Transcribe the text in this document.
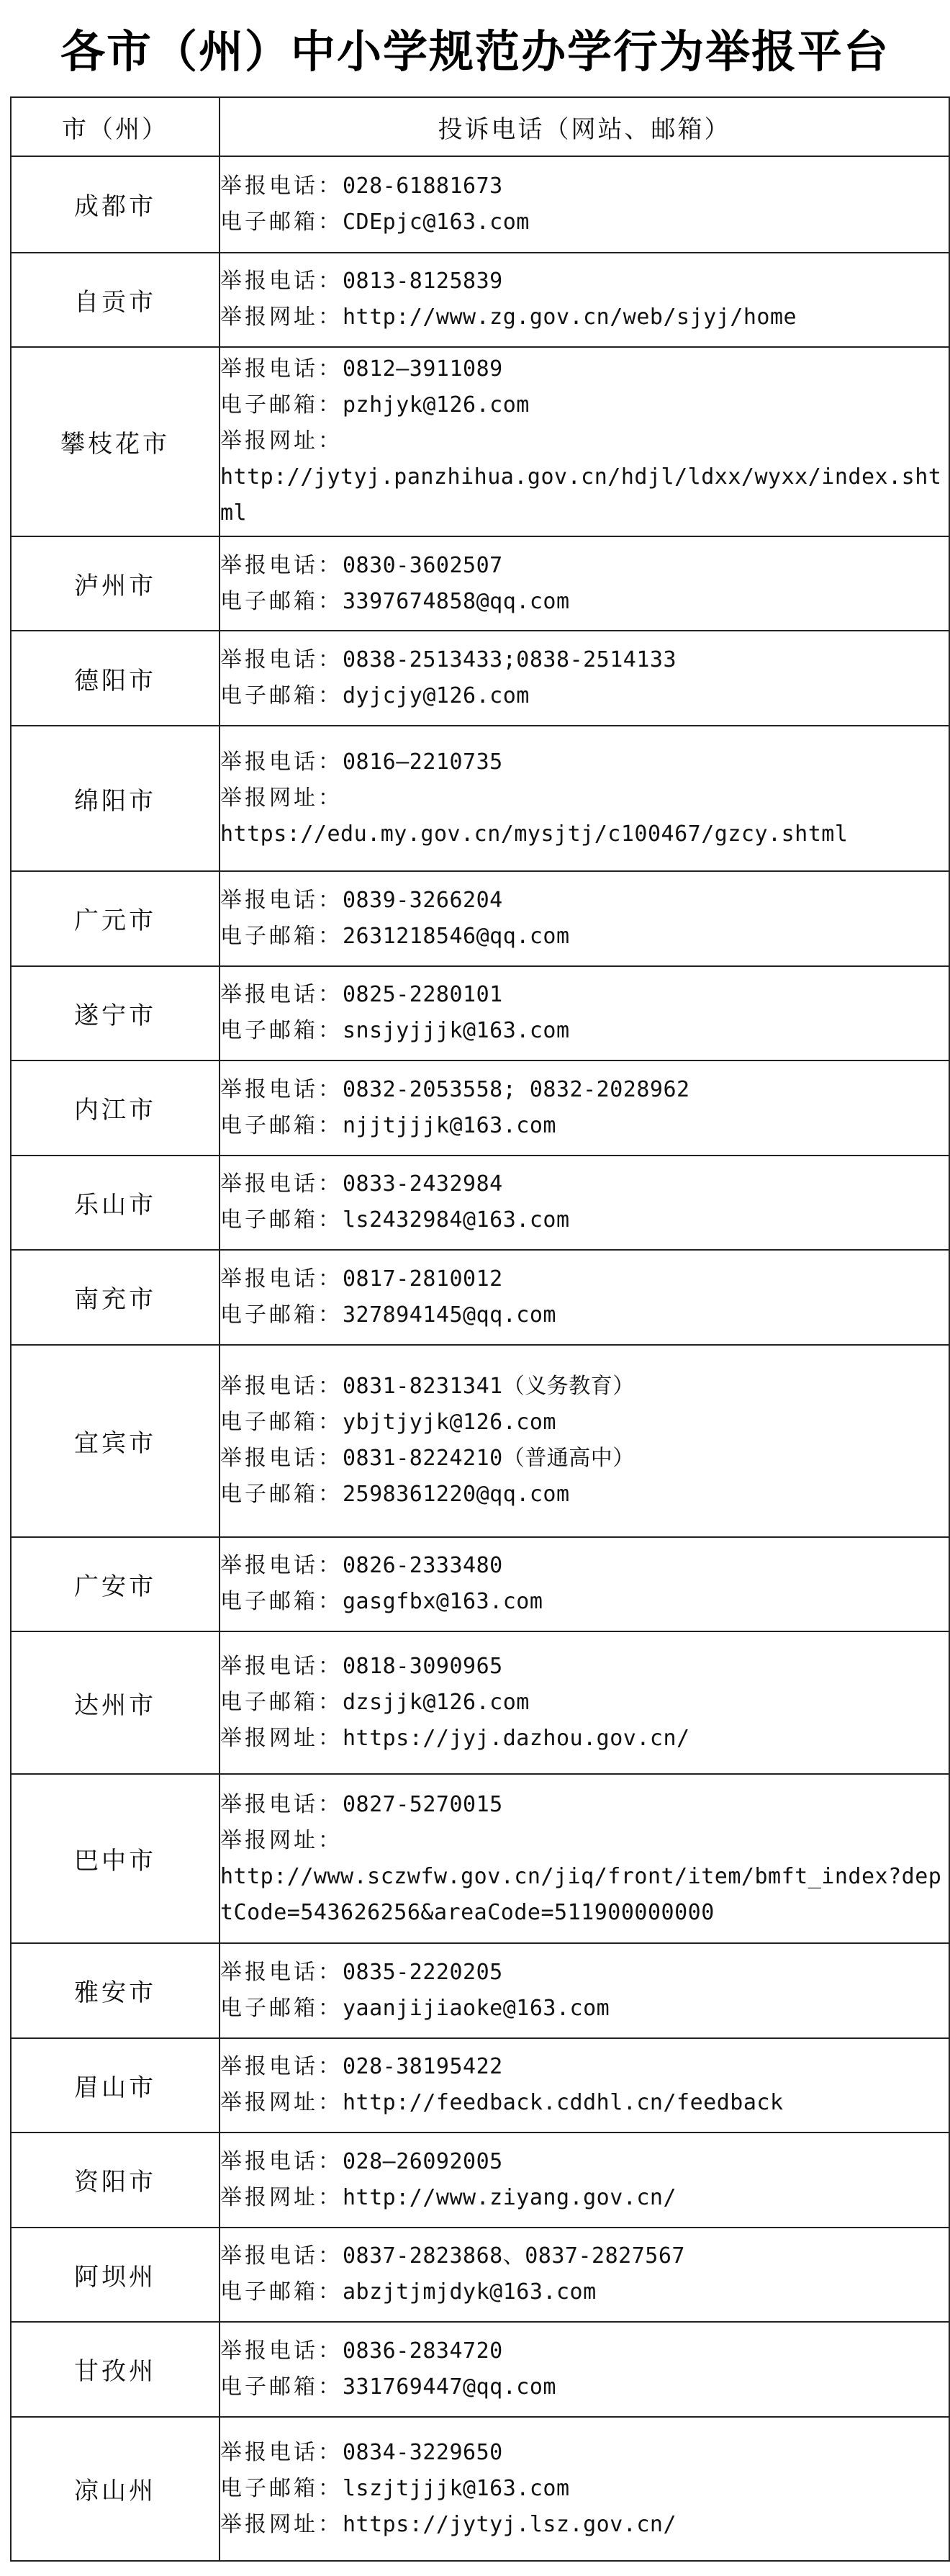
各市（州）中小学规范办学行为举报平台
市（州）	投诉电话（网站、邮箱）
成都市	举报电话：028-61881673
电子邮箱：CDEpjc@163.com

自贡市	举报电话：0813-8125839
举报网址：http://www.zg.gov.cn/web/sjyj/home

攀枝花市	举报电话：0812—3911089
电子邮箱：pzhjyk@126.com
举报网址：
http://jytyj.panzhihua.gov.cn/hdjl/ldxx/wyxx/index.shtml

泸州市	举报电话：0830-3602507
电子邮箱：3397674858@qq.com

德阳市	举报电话：0838-2513433;0838-2514133
电子邮箱：dyjcjy@126.com

绵阳市	举报电话：0816—2210735
举报网址：
https://edu.my.gov.cn/mysjtj/c100467/gzcy.shtml

广元市	举报电话：0839-3266204
电子邮箱：2631218546@qq.com

遂宁市	举报电话：0825-2280101
电子邮箱：snsjyjjjk@163.com

内江市	举报电话：0832-2053558; 0832-2028962
电子邮箱：njjtjjjk@163.com

乐山市	举报电话：0833-2432984
电子邮箱：ls2432984@163.com

南充市	举报电话：0817-2810012
电子邮箱：327894145@qq.com

宜宾市	举报电话：0831-8231341（义务教育）
电子邮箱：ybjtjyjk@126.com
举报电话：0831-8224210（普通高中）
电子邮箱：2598361220@qq.com

广安市	举报电话：0826-2333480
电子邮箱：gasgfbx@163.com

达州市	举报电话：0818-3090965
电子邮箱：dzsjjk@126.com
举报网址：https://jyj.dazhou.gov.cn/

巴中市	举报电话：0827-5270015
举报网址：
http://www.sczwfw.gov.cn/jiq/front/item/bmft_index?deptCode=543626256&areaCode=511900000000

雅安市	举报电话：0835-2220205
电子邮箱：yaanjijiaoke@163.com

眉山市	举报电话：028-38195422
举报网址：http://feedback.cddhl.cn/feedback

资阳市	举报电话：028—26092005
举报网址：http://www.ziyang.gov.cn/

阿坝州	举报电话：0837-2823868、0837-2827567
电子邮箱：abzjtjmjdyk@163.com

甘孜州	举报电话：0836-2834720
电子邮箱：331769447@qq.com

凉山州	举报电话：0834-3229650
电子邮箱：lszjtjjjk@163.com
举报网址：https://jytyj.lsz.gov.cn/
